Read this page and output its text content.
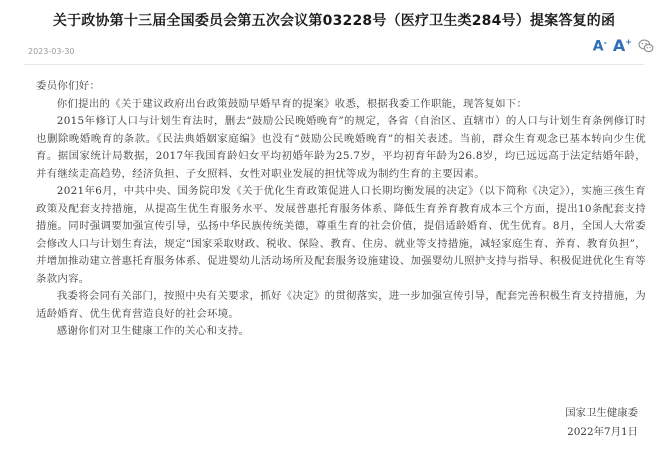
关于政协第十三届全国委员会第五次会议第03228号（医疗卫生类284号）提案答复的函
2023-03-30	A- A+

委员你们好：

你们提出的《关于建议政府出台政策鼓励早婚早育的提案》收悉，根据我委工作职能，现答复如下：

2015年修订人口与计划生育法时，删去“鼓励公民晚婚晚育”的规定，各省（自治区、直辖市）的人口与计划生育条例修订时也删除晚婚晚育的条款。《民法典婚姻家庭编》也没有“鼓励公民晚婚晚育”的相关表述。当前，群众生育观念已基本转向少生优育。据国家统计局数据，2017年我国育龄妇女平均初婚年龄为25.7岁，平均初育年龄为26.8岁，均已远远高于法定结婚年龄，并有继续走高趋势，经济负担、子女照料、女性对职业发展的担忧等成为制约生育的主要因素。

2021年6月，中共中央、国务院印发《关于优化生育政策促进人口长期均衡发展的决定》（以下简称《决定》），实施三孩生育政策及配套支持措施，从提高生优生育服务水平、发展普惠托育服务体系、降低生育养育教育成本三个方面，提出10条配套支持措施。同时强调要加强宣传引导，弘扬中华民族传统美德，尊重生育的社会价值，提倡适龄婚育、优生优育。8月，全国人大常委会修改人口与计划生育法，规定“国家采取财政、税收、保险、教育、住房、就业等支持措施，减轻家庭生育、养育、教育负担”，并增加推动建立普惠托育服务体系、促进婴幼儿活动场所及配套服务设施建设、加强婴幼儿照护支持与指导、积极促进优化生育等条款内容。

我委将会同有关部门，按照中央有关要求，抓好《决定》的贯彻落实，进一步加强宣传引导，配套完善积极生育支持措施，为适龄婚育、优生优育营造良好的社会环境。

感谢你们对卫生健康工作的关心和支持。

国家卫生健康委
2022年7月1日
